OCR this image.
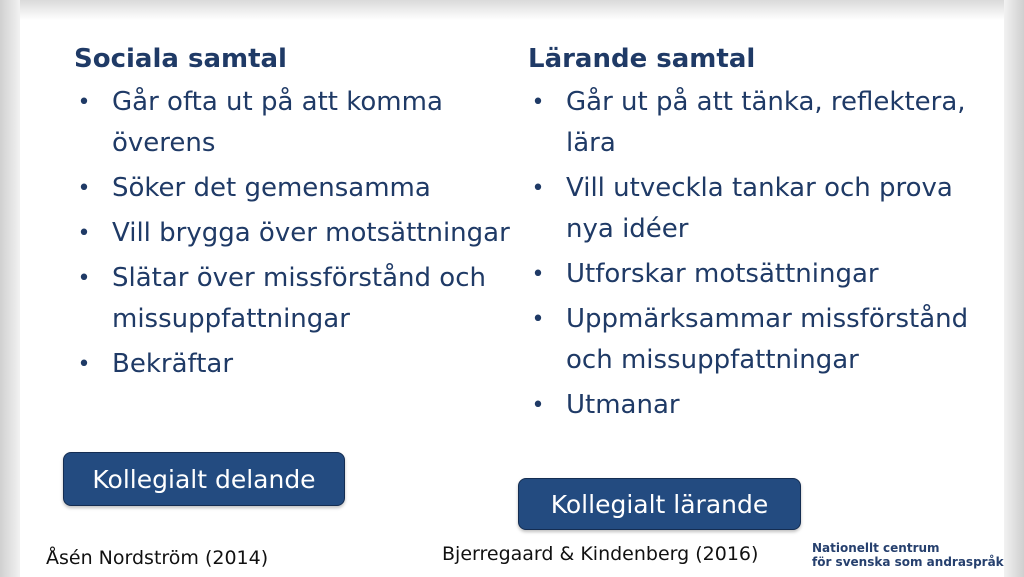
Sociala samtal
• Går ofta ut på att komma överens
• Söker det gemensamma
• Vill brygga över motsättningar
• Slätar över missförstånd och missuppfattningar
• Bekräftar
Lärande samtal
• Går ut på att tänka, reflektera, lära
• Vill utveckla tankar och prova nya idéer
• Utforskar motsättningar
• Uppmärksammar missförstånd och missuppfattningar
• Utmanar
Kollegialt delande
Kollegialt lärande
Åsén Nordström (2014)	Bjerregaard & Kindenberg (2016)	Nationellt centrum
för svenska som andraspråk
